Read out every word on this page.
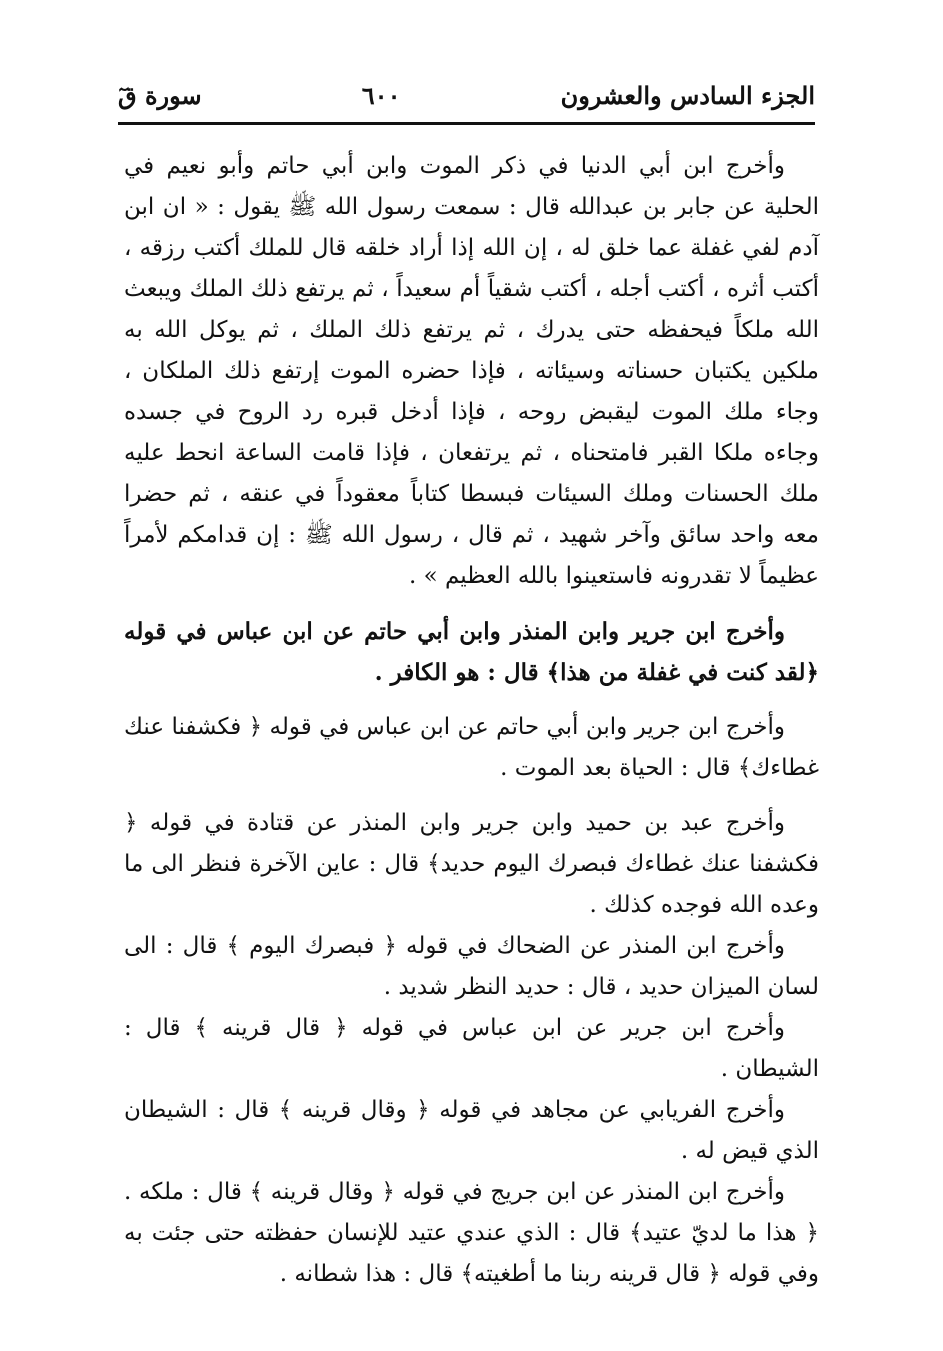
الجزء السادس والعشرون
٦٠٠
سورة قٓ

وأخرج ابن أبي الدنيا في ذكر الموت وابن أبي حاتم وأبو نعيم في الحلية عن جابر بن عبدالله قال : سمعت رسول الله ﷺ يقول : « ان ابن آدم لفي غفلة عما خلق له ، إن الله إذا أراد خلقه قال للملك أكتب رزقه ، أكتب أثره ، أكتب أجله ، أكتب شقياً أم سعيداً ، ثم يرتفع ذلك الملك ويبعث الله ملكاً فيحفظه حتى يدرك ، ثم يرتفع ذلك الملك ، ثم يوكل الله به ملكين يكتبان حسناته وسيئاته ، فإذا حضره الموت إرتفع ذلك الملكان ، وجاء ملك الموت ليقبض روحه ، فإذا أدخل قبره رد الروح في جسده وجاءه ملكا القبر فامتحناه ، ثم يرتفعان ، فإذا قامت الساعة انحط عليه ملك الحسنات وملك السيئات فبسطا كتاباً معقوداً في عنقه ، ثم حضرا معه واحد سائق وآخر شهيد ، ثم قال ، رسول الله ﷺ : إن قدامكم لأمراً عظيماً لا تقدرونه فاستعينوا بالله العظيم » .

وأخرج ابن جرير وابن المنذر وابن أبي حاتم عن ابن عباس في قوله ﴿لقد كنت في غفلة من هذا﴾ قال : هو الكافر .

وأخرج ابن جرير وابن أبي حاتم عن ابن عباس في قوله ﴿ فكشفنا عنك غطاءك﴾ قال : الحياة بعد الموت .

وأخرج عبد بن حميد وابن جرير وابن المنذر عن قتادة في قوله ﴿ فكشفنا عنك غطاءك فبصرك اليوم حديد﴾ قال : عاين الآخرة فنظر الى ما وعده الله فوجده كذلك .

وأخرج ابن المنذر عن الضحاك في قوله ﴿ فبصرك اليوم ﴾ قال : الى لسان الميزان حديد ، قال : حديد النظر شديد .

وأخرج ابن جرير عن ابن عباس في قوله ﴿ قال قرينه ﴾ قال : الشيطان .

وأخرج الفريابي عن مجاهد في قوله ﴿ وقال قرينه ﴾ قال : الشيطان الذي قيض له .

وأخرج ابن المنذر عن ابن جريج في قوله ﴿ وقال قرينه ﴾ قال : ملكه . ﴿ هذا ما لديّ عتيد﴾ قال : الذي عندي عتيد للإنسان حفظته حتى جئت به وفي قوله ﴿ قال قرينه ربنا ما أطغيته﴾ قال : هذا شطانه .
